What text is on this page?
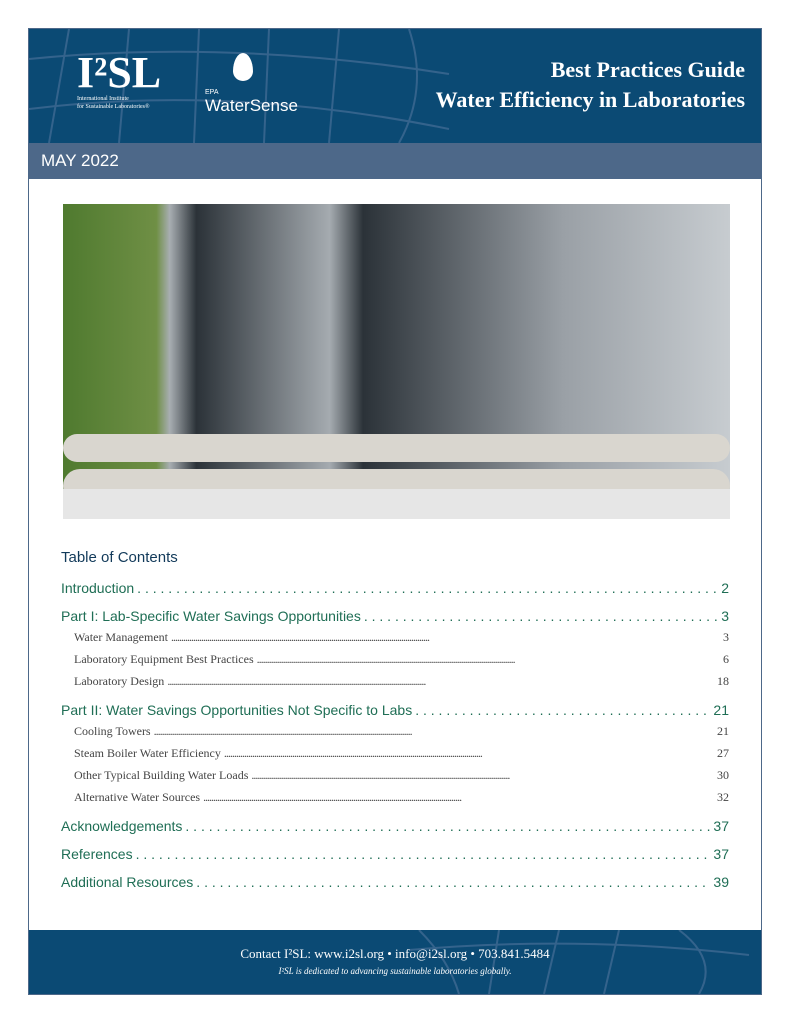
I²SL
International Institute
for Sustainable Laboratories®
EPA
WaterSense
Best Practices Guide
Water Efficiency in Laboratories
MAY 2022
Table of Contents
Introduction . . .	2
Part I: Lab-Specific Water Savings Opportunities . . .	3
Water Management . . .	3
Laboratory Equipment Best Practices . . .	6
Laboratory Design . . .	18
Part II: Water Savings Opportunities Not Specific to Labs . . .	21
Cooling Towers . . .	21
Steam Boiler Water Efficiency . . .	27
Other Typical Building Water Loads . . .	30
Alternative Water Sources . . .	32
Acknowledgements . . .	37
References . . .	37
Additional Resources . . .	39
Contact I²SL: www.i2sl.org • info@i2sl.org • 703.841.5484
I²SL is dedicated to advancing sustainable laboratories globally.
